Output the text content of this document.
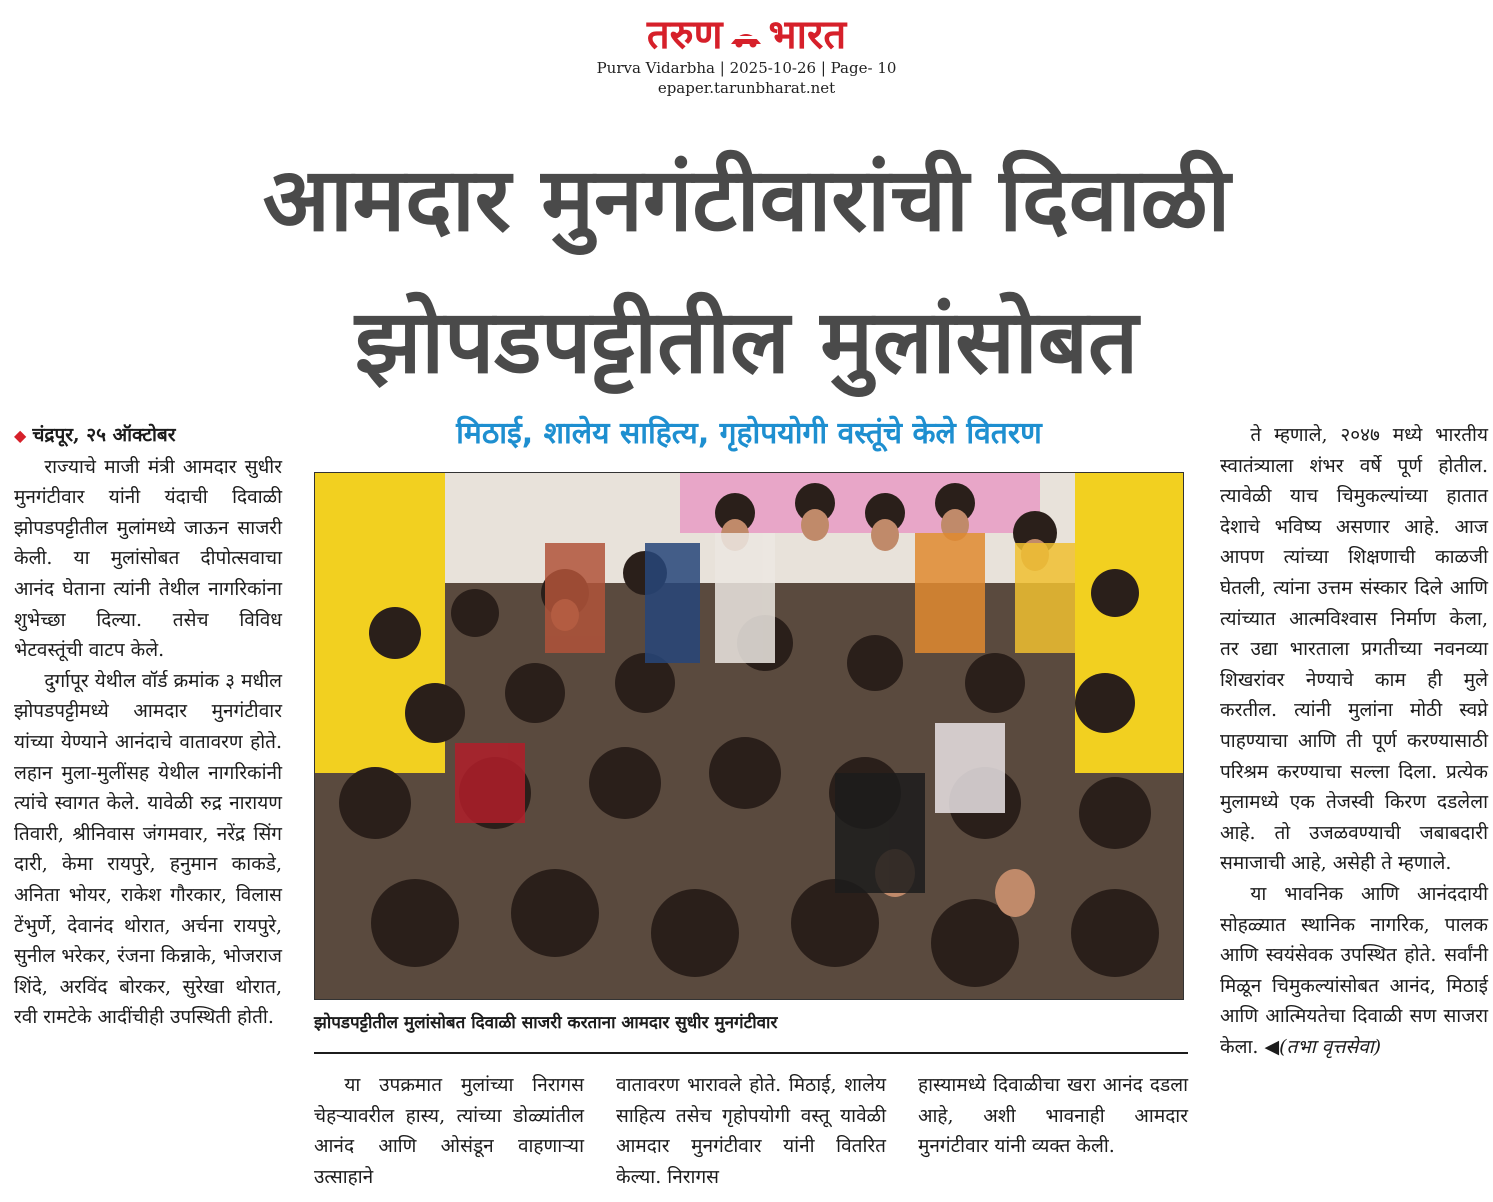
तरुण भारत
Purva Vidarbha | 2025-10-26 | Page- 10
epaper.tarunbharat.net
आमदार मुनगंटीवारांची दिवाळी
झोपडपट्टीतील मुलांसोबत
मिठाई, शालेय साहित्य, गृहोपयोगी वस्तूंचे केले वितरण

◆ चंद्रपूर, २५ ऑक्टोबर

राज्याचे माजी मंत्री आमदार सुधीर मुनगंटीवार यांनी यंदाची दिवाळी झोपडपट्टीतील मुलांमध्ये जाऊन साजरी केली. या मुलांसोबत दीपोत्सवाचा आनंद घेताना त्यांनी तेथील नागरिकांना शुभेच्छा दिल्या. तसेच विविध भेटवस्तूंची वाटप केले.

दुर्गापूर येथील वॉर्ड क्रमांक ३ मधील झोपडपट्टीमध्ये आमदार मुनगंटीवार यांच्या येण्याने आनंदाचे वातावरण होते. लहान मुला-मुलींसह येथील नागरिकांनी त्यांचे स्वागत केले. यावेळी रुद्र नारायण तिवारी, श्रीनिवास जंगमवार, नरेंद्र सिंग दारी, केमा रायपुरे, हनुमान काकडे, अनिता भोयर, राकेश गौरकार, विलास टेंभुर्णे, देवानंद थोरात, अर्चना रायपुरे, सुनील भरेकर, रंजना किन्नाके, भोजराज शिंदे, अरविंद बोरकर, सुरेखा थोरात, रवी रामटेके आदींचीही उपस्थिती होती.	झोपडपट्टीतील मुलांसोबत दिवाळी साजरी करताना आमदार सुधीर मुनगंटीवार

या उपक्रमात मुलांच्या निरागस चेहऱ्यावरील हास्य, त्यांच्या डोळ्यांतील आनंद आणि ओसंडून वाहणाऱ्या उत्साहाने

वातावरण भारावले होते. मिठाई, शालेय साहित्य तसेच गृहोपयोगी वस्तू यावेळी आमदार मुनगंटीवार यांनी वितरित केल्या. निरागस

हास्यामध्ये दिवाळीचा खरा आनंद दडला आहे, अशी भावनाही आमदार मुनगंटीवार यांनी व्यक्त केली.

ते म्हणाले, २०४७ मध्ये भारतीय स्वातंत्र्याला शंभर वर्षे पूर्ण होतील. त्यावेळी याच चिमुकल्यांच्या हातात देशाचे भविष्य असणार आहे. आज आपण त्यांच्या शिक्षणाची काळजी घेतली, त्यांना उत्तम संस्कार दिले आणि त्यांच्यात आत्मविश्वास निर्माण केला, तर उद्या भारताला प्रगतीच्या नवनव्या शिखरांवर नेण्याचे काम ही मुले करतील. त्यांनी मुलांना मोठी स्वप्ने पाहण्याचा आणि ती पूर्ण करण्यासाठी परिश्रम करण्याचा सल्ला दिला. प्रत्येक मुलामध्ये एक तेजस्वी किरण दडलेला आहे. तो उजळवण्याची जबाबदारी समाजाची आहे, असेही ते म्हणाले.

या भावनिक आणि आनंददायी सोहळ्यात स्थानिक नागरिक, पालक आणि स्वयंसेवक उपस्थित होते. सर्वांनी मिळून चिमुकल्यांसोबत आनंद, मिठाई आणि आत्मियतेचा दिवाळी सण साजरा केला. ◀(तभा वृत्तसेवा)
